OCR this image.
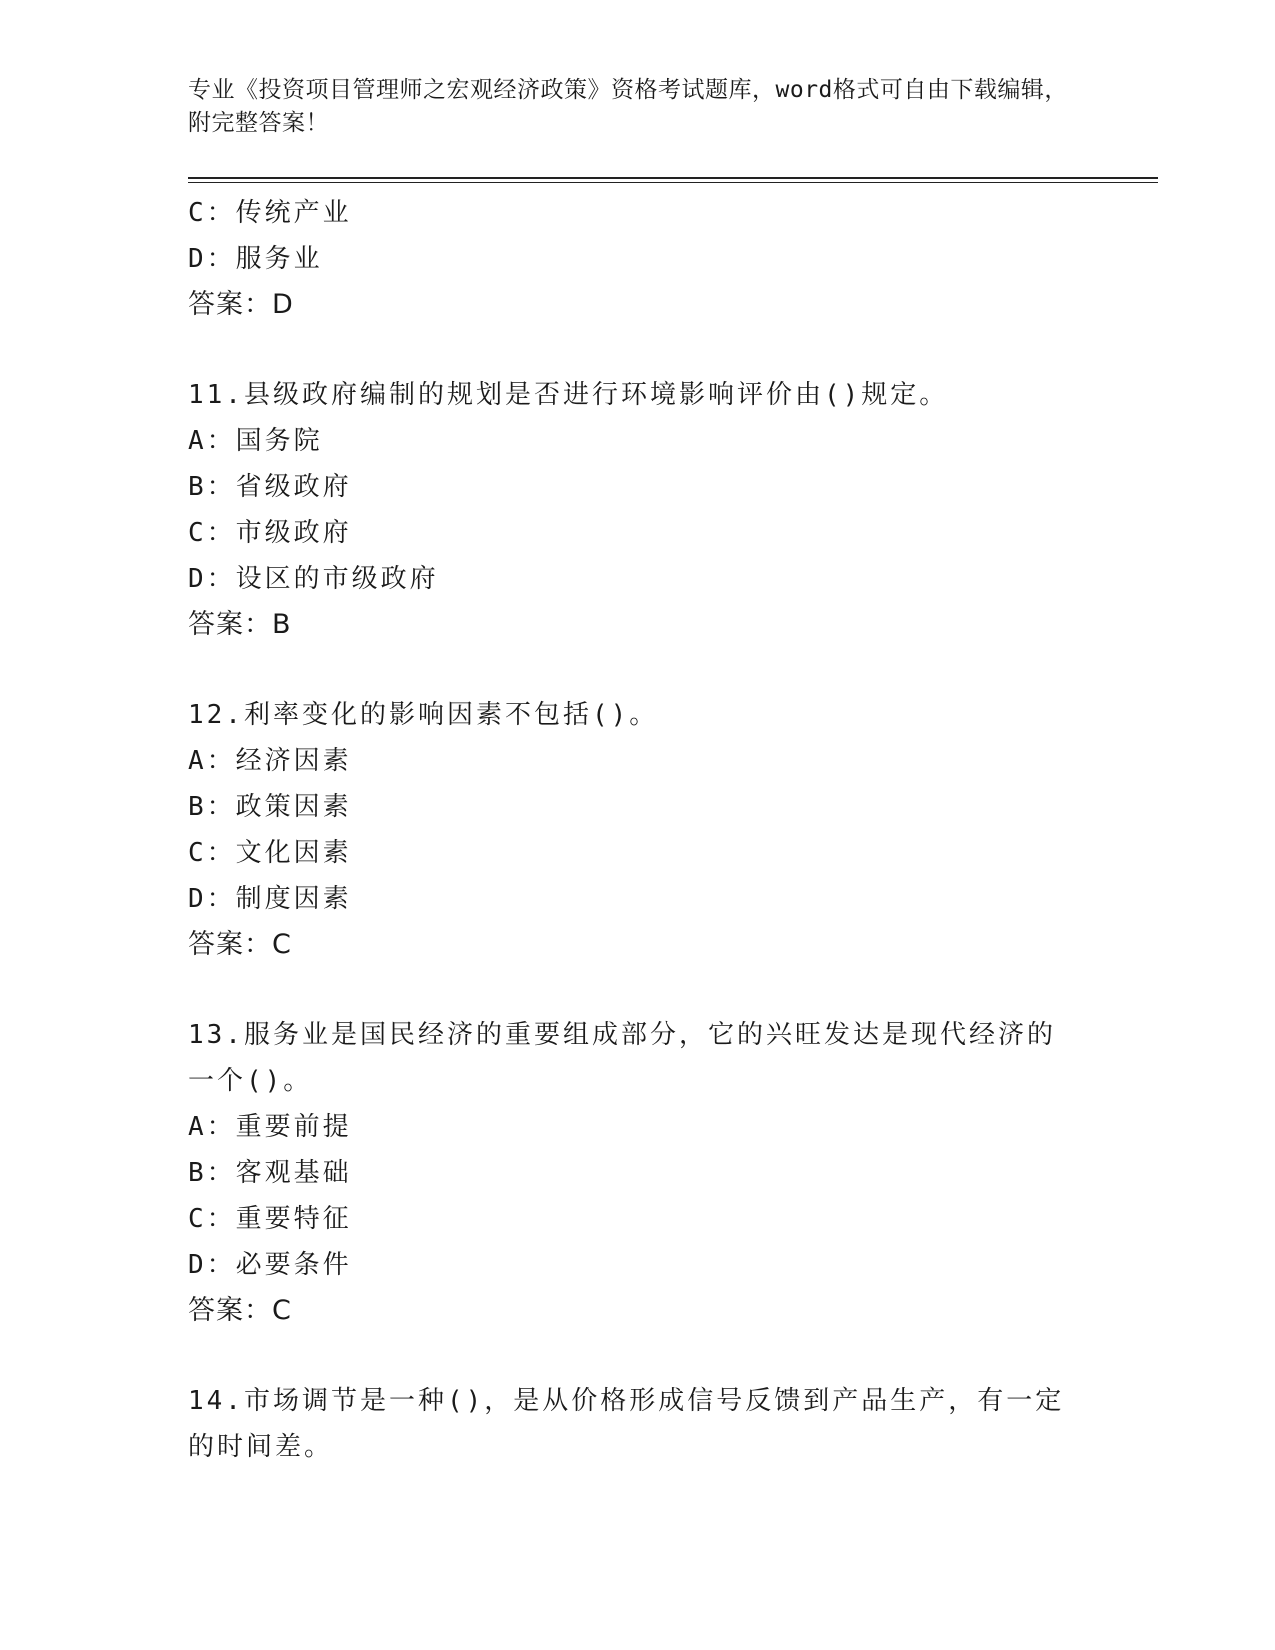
专业《投资项目管理师之宏观经济政策》资格考试题库，word格式可自由下载编辑，附完整答案！
C：传统产业
D：服务业
答案：D
11.县级政府编制的规划是否进行环境影响评价由()规定。
A：国务院
B：省级政府
C：市级政府
D：设区的市级政府
答案：B
12.利率变化的影响因素不包括()。
A：经济因素
B：政策因素
C：文化因素
D：制度因素
答案：C
13.服务业是国民经济的重要组成部分，它的兴旺发达是现代经济的一个()。
A：重要前提
B：客观基础
C：重要特征
D：必要条件
答案：C
14.市场调节是一种()，是从价格形成信号反馈到产品生产，有一定的时间差。
